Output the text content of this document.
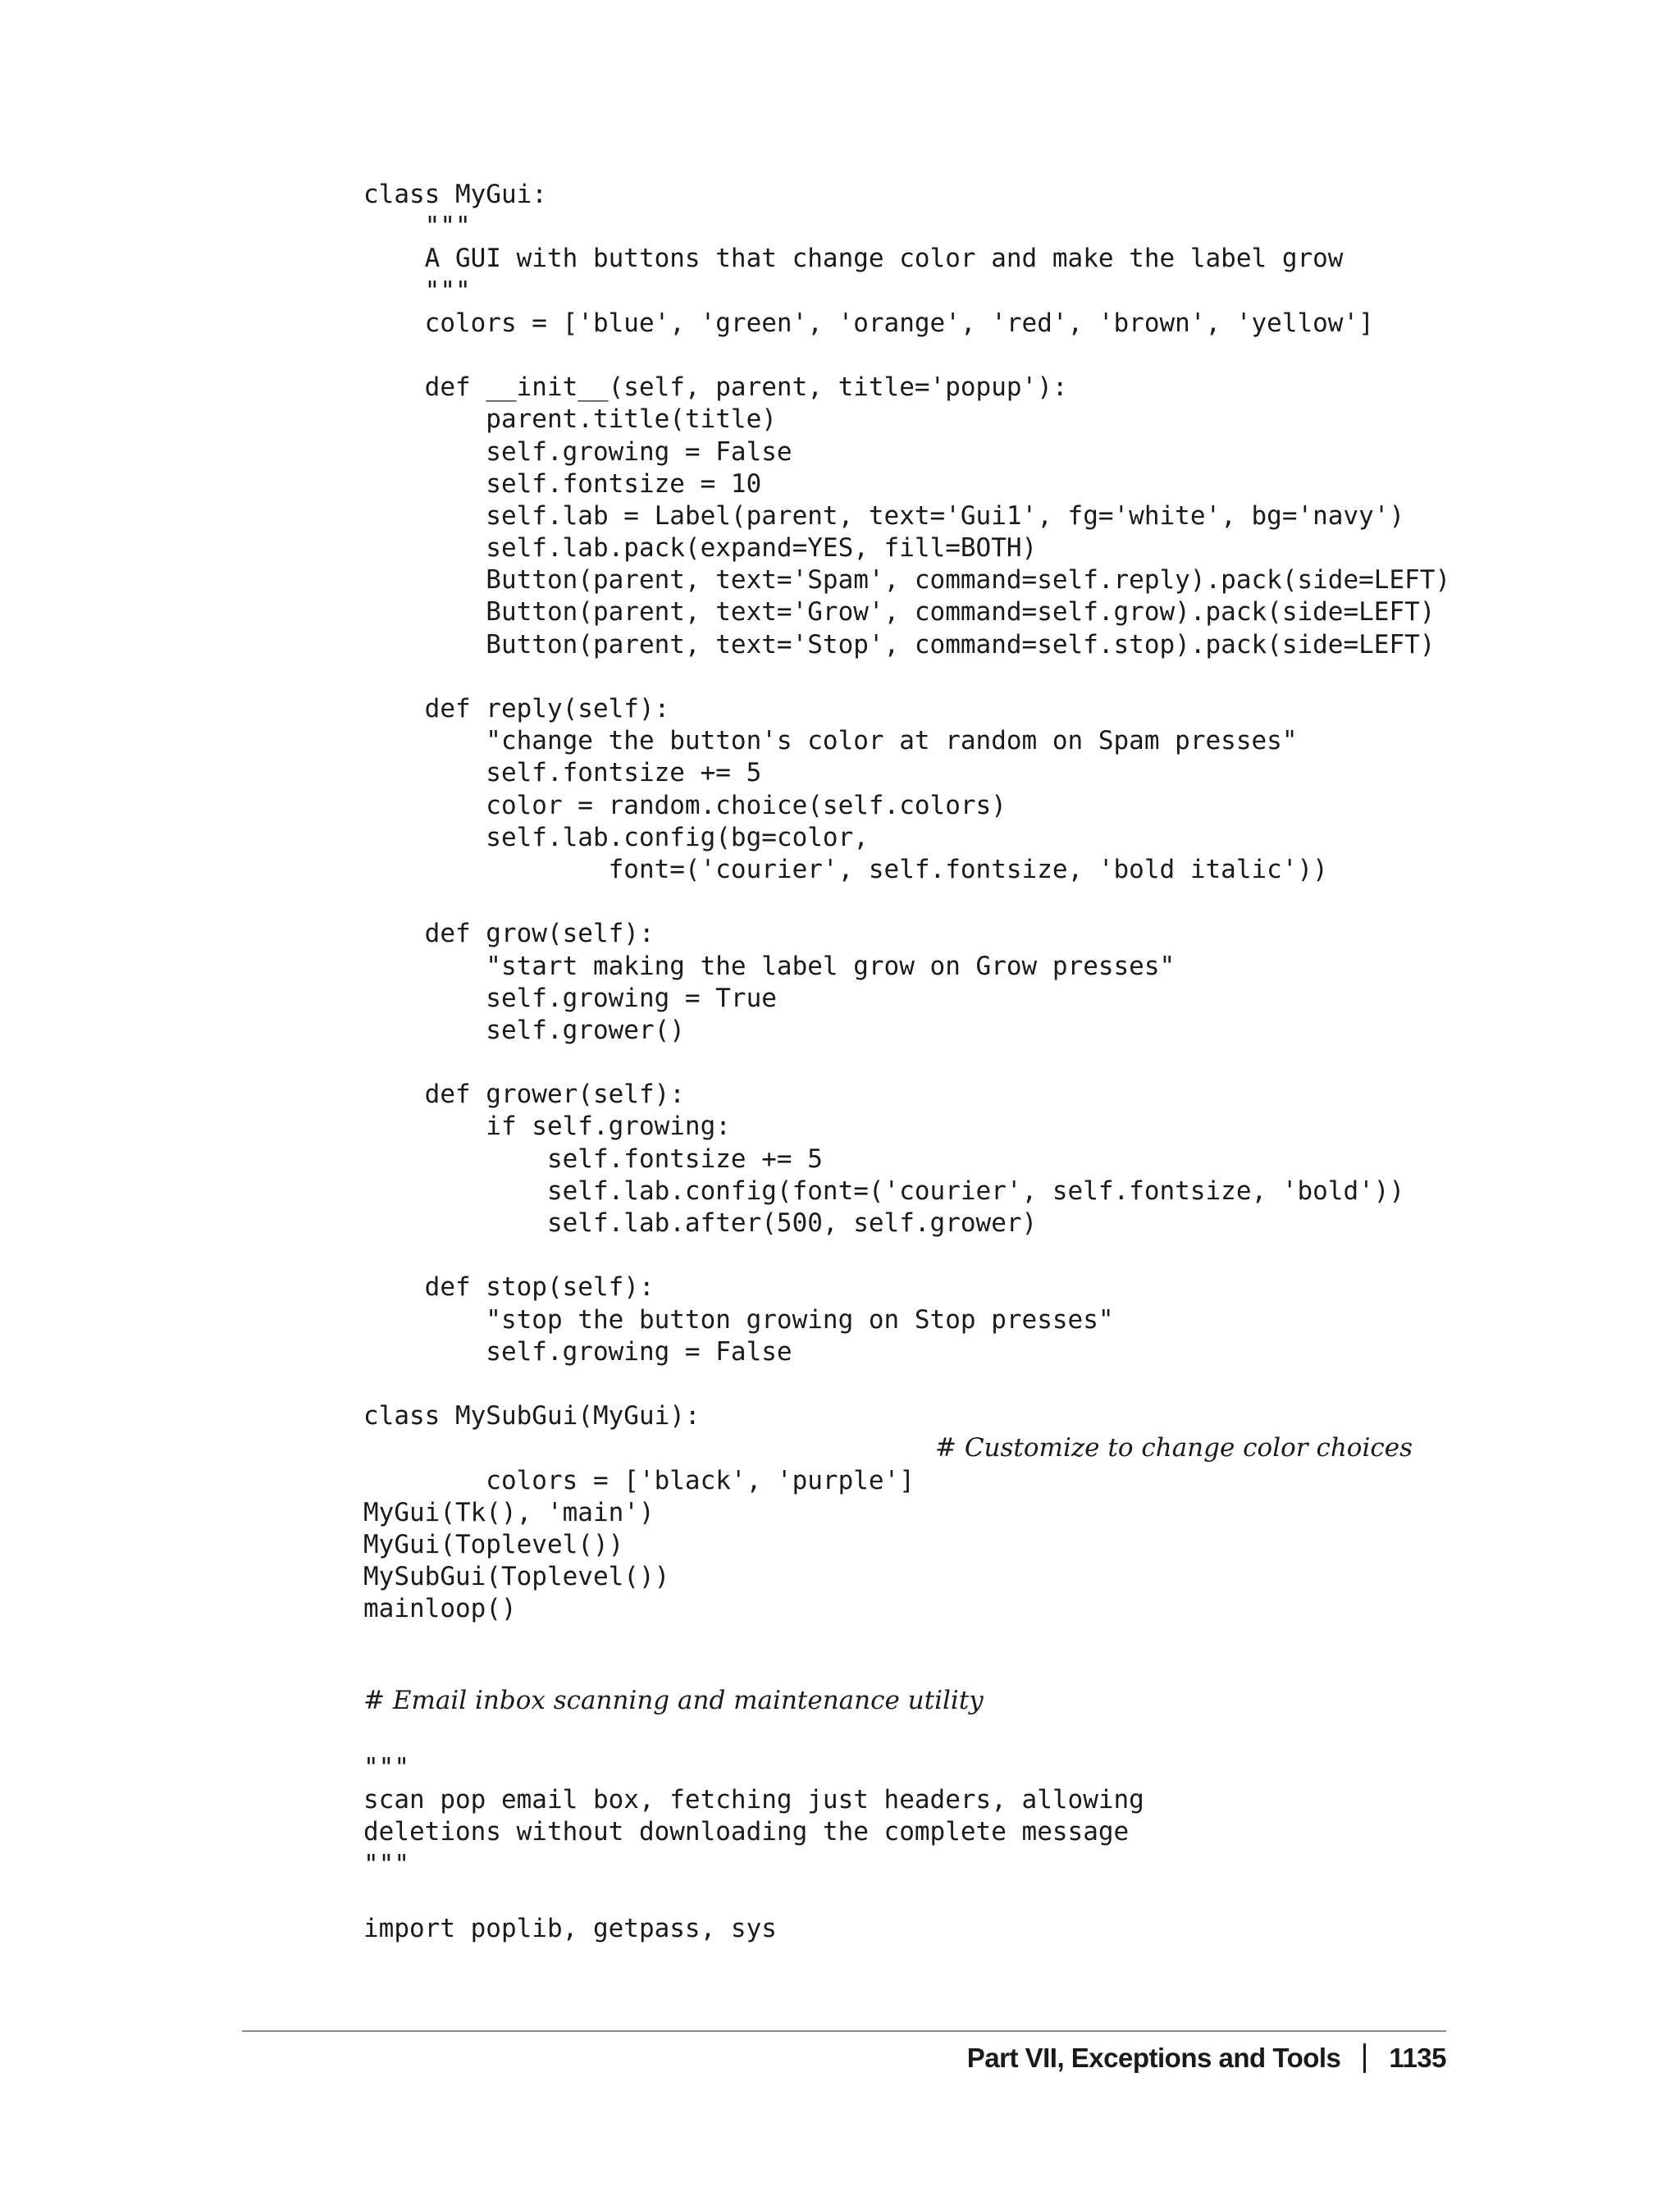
class MyGui:
"""
A GUI with buttons that change color and make the label grow
"""
colors = ['blue', 'green', 'orange', 'red', 'brown', 'yellow']
def __init__(self, parent, title='popup'):
parent.title(title)
self.growing = False
self.fontsize = 10
self.lab = Label(parent, text='Gui1', fg='white', bg='navy')
self.lab.pack(expand=YES, fill=BOTH)
Button(parent, text='Spam', command=self.reply).pack(side=LEFT)
Button(parent, text='Grow', command=self.grow).pack(side=LEFT)
Button(parent, text='Stop', command=self.stop).pack(side=LEFT)
def reply(self):
"change the button's color at random on Spam presses"
self.fontsize += 5
color = random.choice(self.colors)
self.lab.config(bg=color,
font=('courier', self.fontsize, 'bold italic'))
def grow(self):
"start making the label grow on Grow presses"
self.growing = True
self.grower()
def grower(self):
if self.growing:
self.fontsize += 5
self.lab.config(font=('courier', self.fontsize, 'bold'))
self.lab.after(500, self.grower)
def stop(self):
"stop the button growing on Stop presses"
self.growing = False
class MySubGui(MyGui):

colors = ['black', 'purple']

# Customize to change color choices

MyGui(Tk(), 'main')
MyGui(Toplevel())
MySubGui(Toplevel())
mainloop()
# Email inbox scanning and maintenance utility
"""
scan pop email box, fetching just headers, allowing
deletions without downloading the complete message
"""
import poplib, getpass, sys
Part VII, Exceptions and Tools 1135
